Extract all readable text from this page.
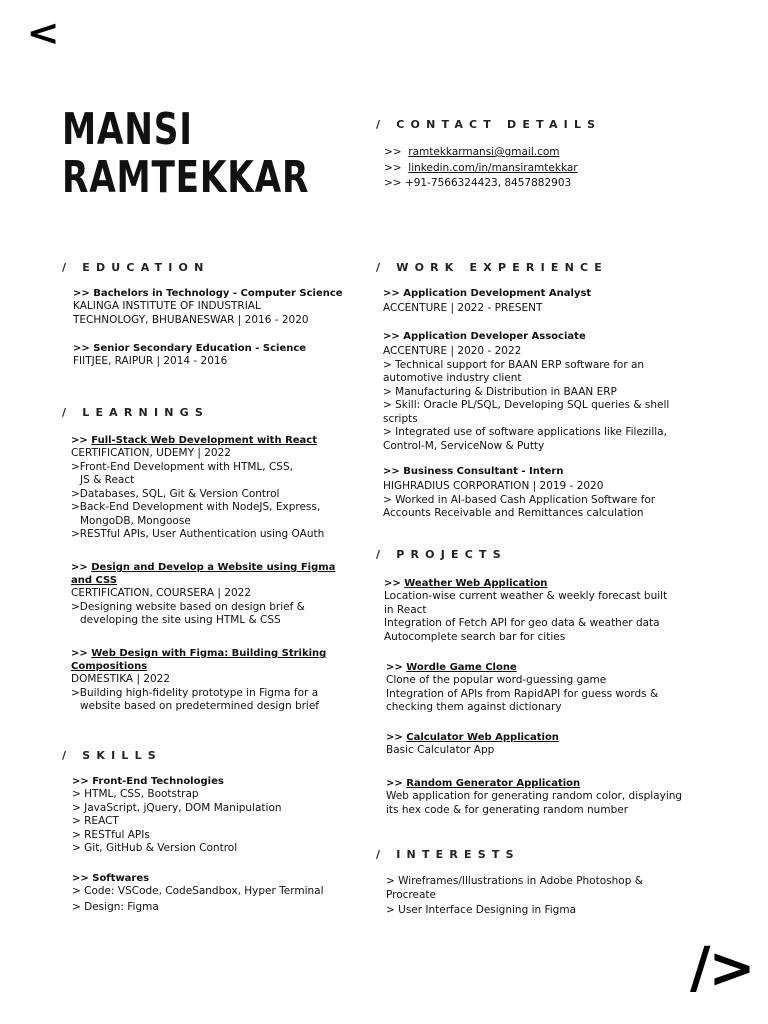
<
/>
MANSI
RAMTEKKAR
/ CONTACT DETAILS
>> ramtekkarmansi@gmail.com
>> linkedin.com/in/mansiramtekkar
>> +91-7566324423, 8457882903
/ EDUCATION
>> Bachelors in Technology - Computer Science
KALINGA INSTITUTE OF INDUSTRIAL
TECHNOLOGY, BHUBANESWAR | 2016 - 2020
>> Senior Secondary Education - Science
FIITJEE, RAIPUR | 2014 - 2016
/ LEARNINGS
>> Full-Stack Web Development with React
CERTIFICATION, UDEMY | 2022
>Front-End Development with HTML, CSS,
JS & React
>Databases, SQL, Git & Version Control
>Back-End Development with NodeJS, Express,
MongoDB, Mongoose
>RESTful APIs, User Authentication using OAuth
>> Design and Develop a Website using Figma
and CSS
CERTIFICATION, COURSERA | 2022
>Designing website based on design brief &
developing the site using HTML & CSS
>> Web Design with Figma: Building Striking
Compositions
DOMESTIKA | 2022
>Building high-fidelity prototype in Figma for a
website based on predetermined design brief
/ SKILLS
>> Front-End Technologies
> HTML, CSS, Bootstrap
> JavaScript, jQuery, DOM Manipulation
> REACT
> RESTful APIs
> Git, GitHub & Version Control
>> Softwares
> Code: VSCode, CodeSandbox, Hyper Terminal
> Design: Figma
/ WORK EXPERIENCE
>> Application Development Analyst
ACCENTURE | 2022 - PRESENT
>> Application Developer Associate
ACCENTURE | 2020 - 2022
> Technical support for BAAN ERP software for an
automotive industry client
> Manufacturing & Distribution in BAAN ERP
> Skill: Oracle PL/SQL, Developing SQL queries & shell
scripts
> Integrated use of software applications like Filezilla,
Control-M, ServiceNow & Putty
>> Business Consultant - Intern
HIGHRADIUS CORPORATION | 2019 - 2020
> Worked in AI-based Cash Application Software for
Accounts Receivable and Remittances calculation
/ PROJECTS
>> Weather Web Application
Location-wise current weather & weekly forecast built
in React
Integration of Fetch API for geo data & weather data
Autocomplete search bar for cities
>> Wordle Game Clone
Clone of the popular word-guessing game
Integration of APIs from RapidAPI for guess words &
checking them against dictionary
>> Calculator Web Application
Basic Calculator App
>> Random Generator Application
Web application for generating random color, displaying
its hex code & for generating random number
/ INTERESTS
> Wireframes/Illustrations in Adobe Photoshop &
Procreate
> User Interface Designing in Figma
